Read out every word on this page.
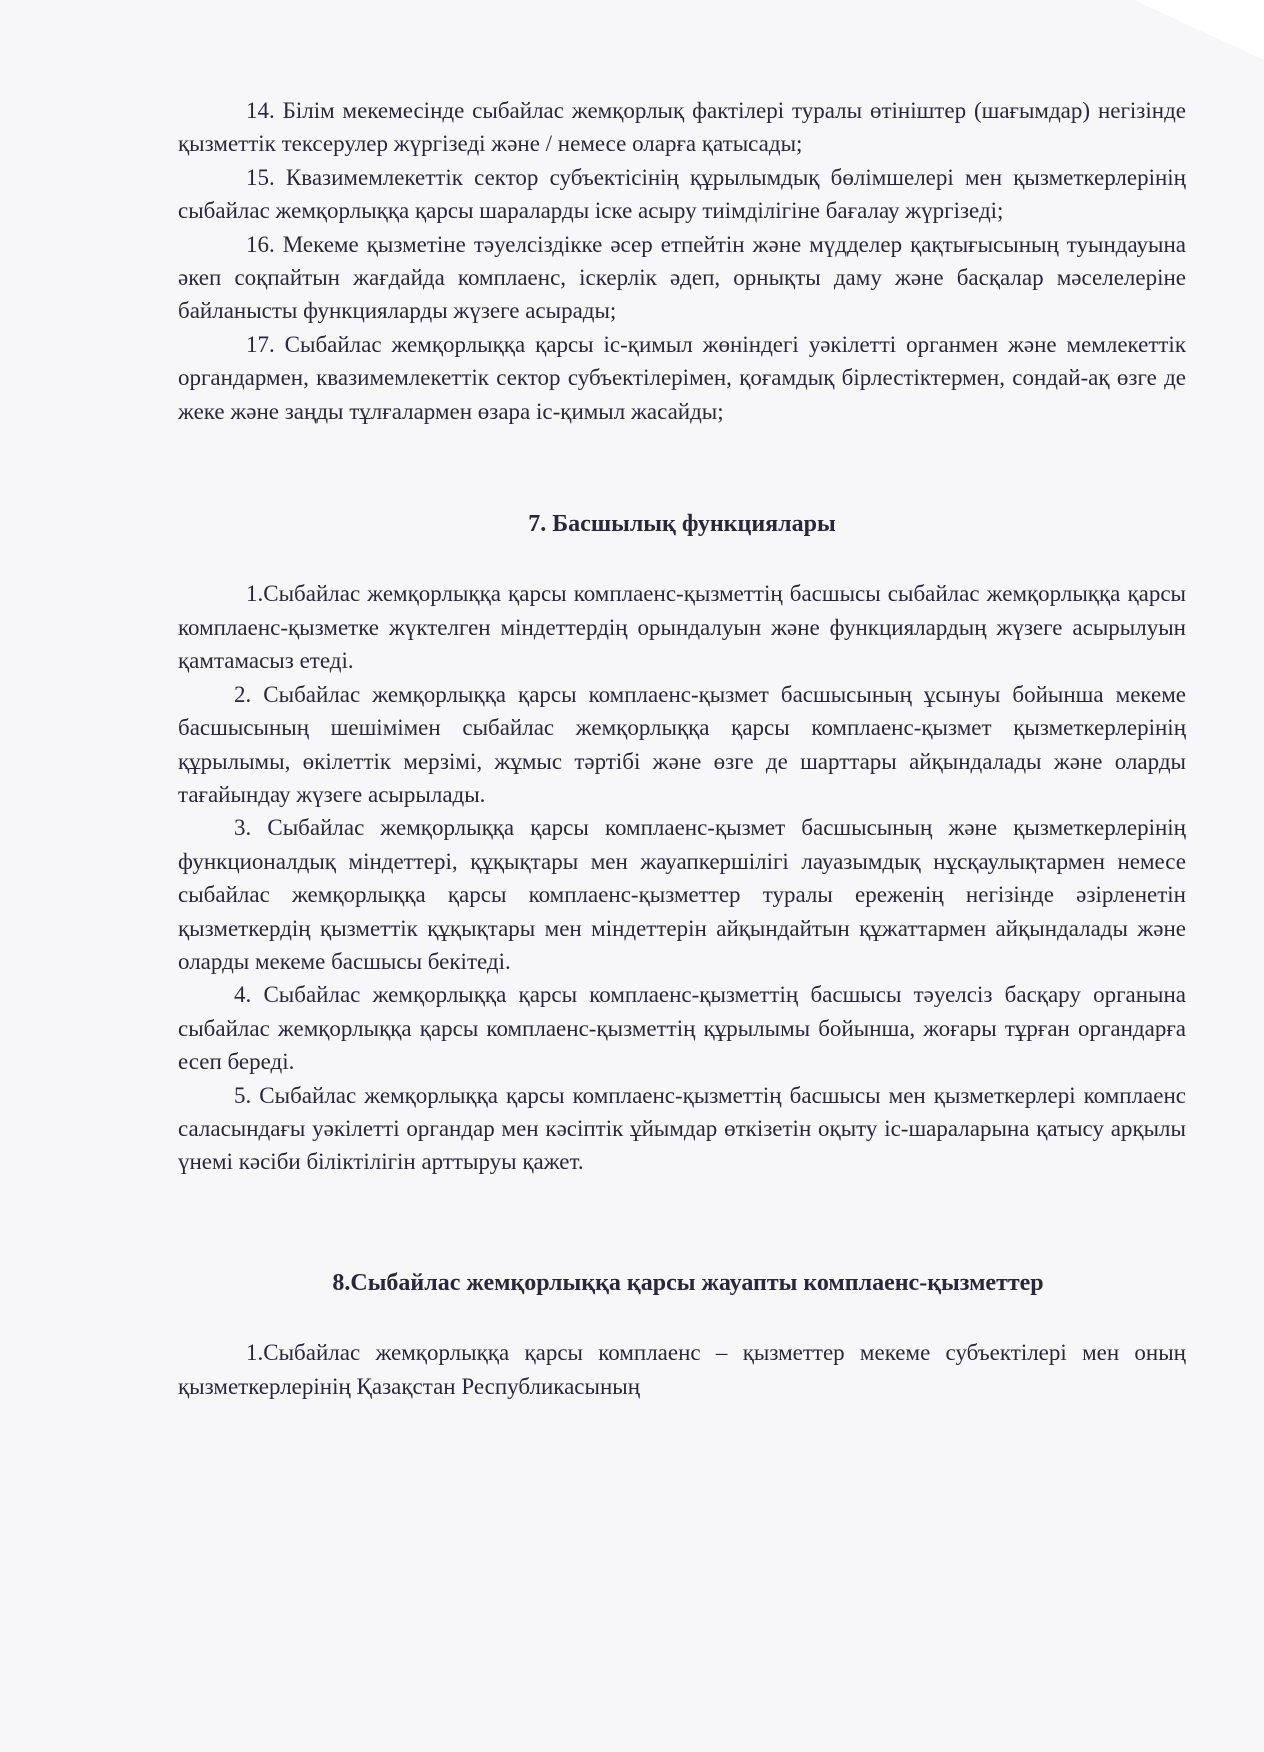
14. Білім мекемесінде сыбайлас жемқорлық фактілері туралы өтініштер (шағымдар) негізінде қызметтік тексерулер жүргізеді және / немесе оларға қатысады;

15. Квазимемлекеттік сектор субъектісінің құрылымдық бөлімшелері мен қызметкерлерінің сыбайлас жемқорлыққа қарсы шараларды іске асыру тиімділігіне бағалау жүргізеді;

16. Мекеме қызметіне тәуелсіздікке әсер етпейтін және мүдделер қақтығысының туындауына әкеп соқпайтын жағдайда комплаенс, іскерлік әдеп, орнықты даму және басқалар мәселелеріне байланысты функцияларды жүзеге асырады;

17. Сыбайлас жемқорлыққа қарсы іс-қимыл жөніндегі уәкілетті органмен және мемлекеттік органдармен, квазимемлекеттік сектор субъектілерімен, қоғамдық бірлестіктермен, сондай-ақ өзге де жеке және заңды тұлғалармен өзара іс-қимыл жасайды;

7. Басшылық функциялары

1.Сыбайлас жемқорлыққа қарсы комплаенс-қызметтің басшысы сыбайлас жемқорлыққа қарсы комплаенс-қызметке жүктелген міндеттердің орындалуын және функциялардың жүзеге асырылуын қамтамасыз етеді.

2. Сыбайлас жемқорлыққа қарсы комплаенс-қызмет басшысының ұсынуы бойынша мекеме басшысының шешімімен сыбайлас жемқорлыққа қарсы комплаенс-қызмет қызметкерлерінің құрылымы, өкілеттік мерзімі, жұмыс тәртібі және өзге де шарттары айқындалады және оларды тағайындау жүзеге асырылады.

3. Сыбайлас жемқорлыққа қарсы комплаенс-қызмет басшысының және қызметкерлерінің функционалдық міндеттері, құқықтары мен жауапкершілігі лауазымдық нұсқаулықтармен немесе сыбайлас жемқорлыққа қарсы комплаенс-қызметтер туралы ереженің негізінде әзірленетін қызметкердің қызметтік құқықтары мен міндеттерін айқындайтын құжаттармен айқындалады және оларды мекеме басшысы бекітеді.

4. Сыбайлас жемқорлыққа қарсы комплаенс-қызметтің басшысы тәуелсіз басқару органына сыбайлас жемқорлыққа қарсы комплаенс-қызметтің құрылымы бойынша, жоғары тұрған органдарға есеп береді.

5. Сыбайлас жемқорлыққа қарсы комплаенс-қызметтің басшысы мен қызметкерлері комплаенс саласындағы уәкілетті органдар мен кәсіптік ұйымдар өткізетін оқыту іс-шараларына қатысу арқылы үнемі кәсіби біліктілігін арттыруы қажет.

8.Сыбайлас жемқорлыққа қарсы жауапты комплаенс-қызметтер

1.Сыбайлас жемқорлыққа қарсы комплаенс – қызметтер мекеме субъектілері мен оның қызметкерлерінің Қазақстан Республикасының
